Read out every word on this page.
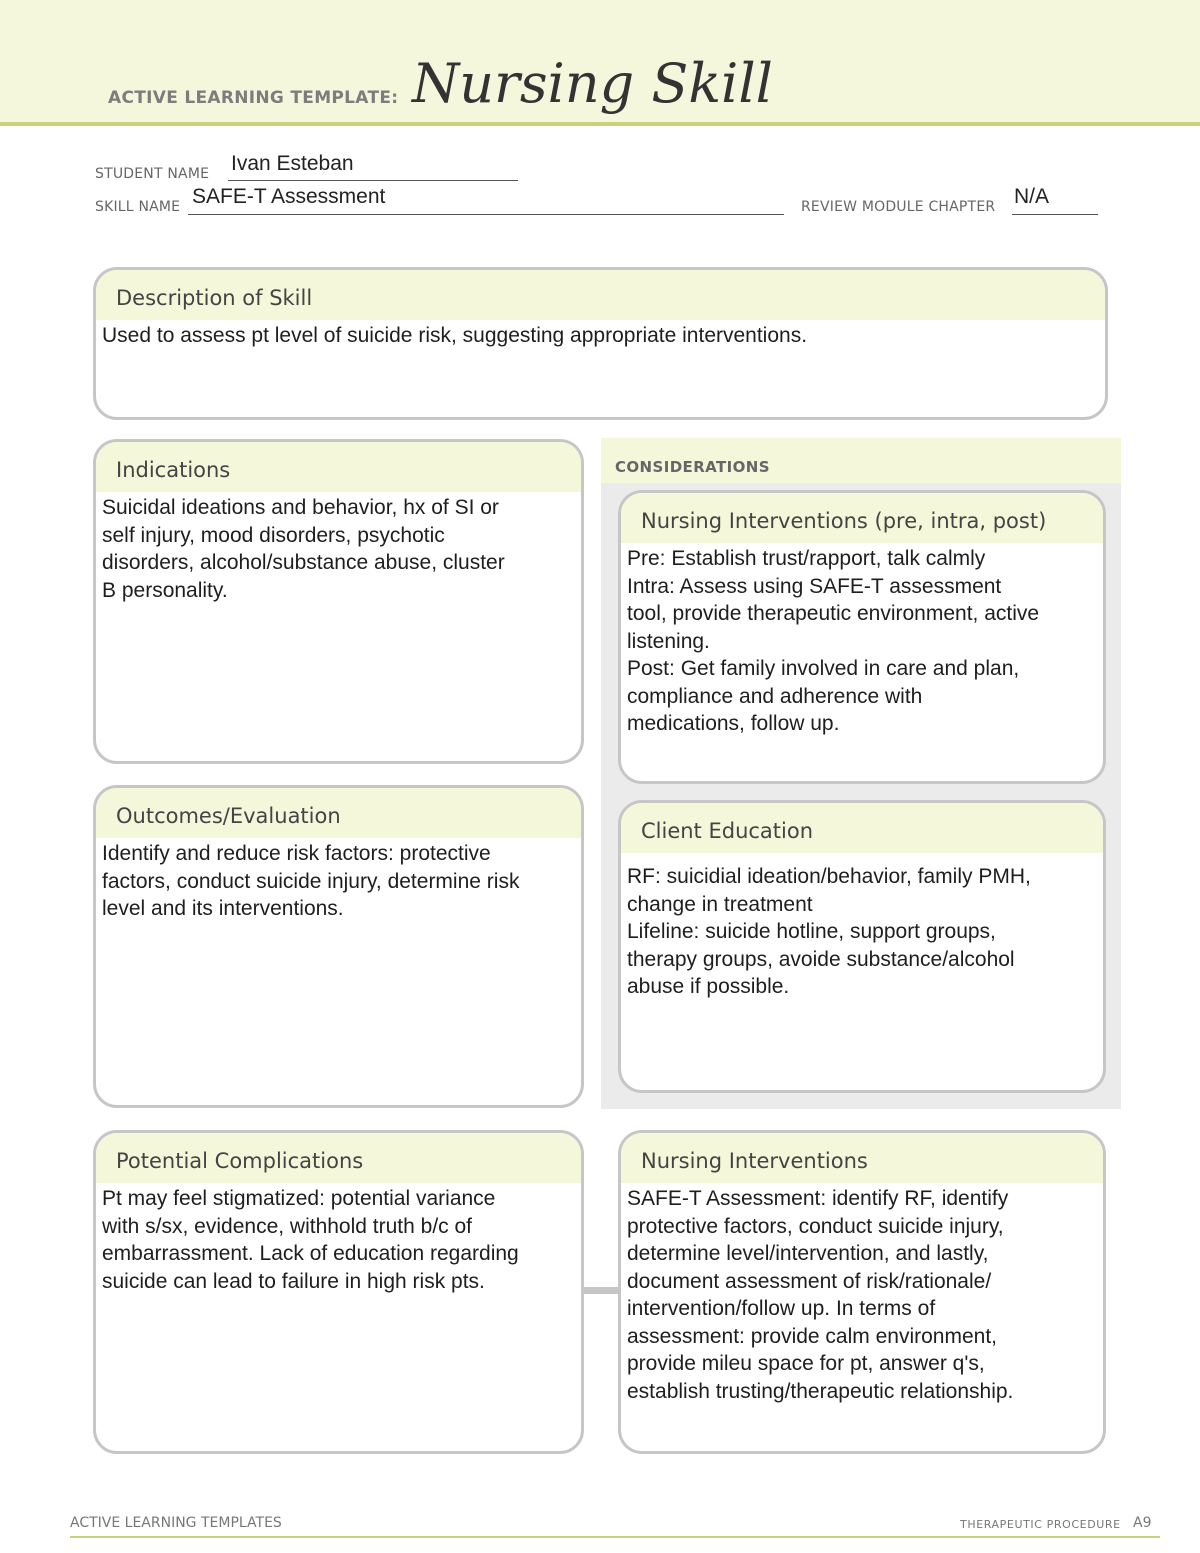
ACTIVE LEARNING TEMPLATE: Nursing Skill
STUDENT NAME Ivan Esteban
SKILL NAME SAFE-T Assessment	REVIEW MODULE CHAPTER N/A
Description of Skill
Used to assess pt level of suicide risk, suggesting appropriate interventions.
Indications
Suicidal ideations and behavior, hx of SI or
self injury, mood disorders, psychotic
disorders, alcohol/substance abuse, cluster
B personality.
CONSIDERATIONS
Nursing Interventions (pre, intra, post)
Pre: Establish trust/rapport, talk calmly
Intra: Assess using SAFE-T assessment
tool, provide therapeutic environment, active
listening.
Post: Get family involved in care and plan,
compliance and adherence with
medications, follow up.
Outcomes/Evaluation
Identify and reduce risk factors: protective
factors, conduct suicide injury, determine risk
level and its interventions.
Client Education
RF: suicidial ideation/behavior, family PMH,
change in treatment
Lifeline: suicide hotline, support groups,
therapy groups, avoide substance/alcohol
abuse if possible.
Potential Complications
Pt may feel stigmatized: potential variance
with s/sx, evidence, withhold truth b/c of
embarrassment. Lack of education regarding
suicide can lead to failure in high risk pts.
Nursing Interventions
SAFE-T Assessment: identify RF, identify
protective factors, conduct suicide injury,
determine level/intervention, and lastly,
document assessment of risk/rationale/
intervention/follow up. In terms of
assessment: provide calm environment,
provide mileu space for pt, answer q's,
establish trusting/therapeutic relationship.
ACTIVE LEARNING TEMPLATES	THERAPEUTIC PROCEDURE A9
